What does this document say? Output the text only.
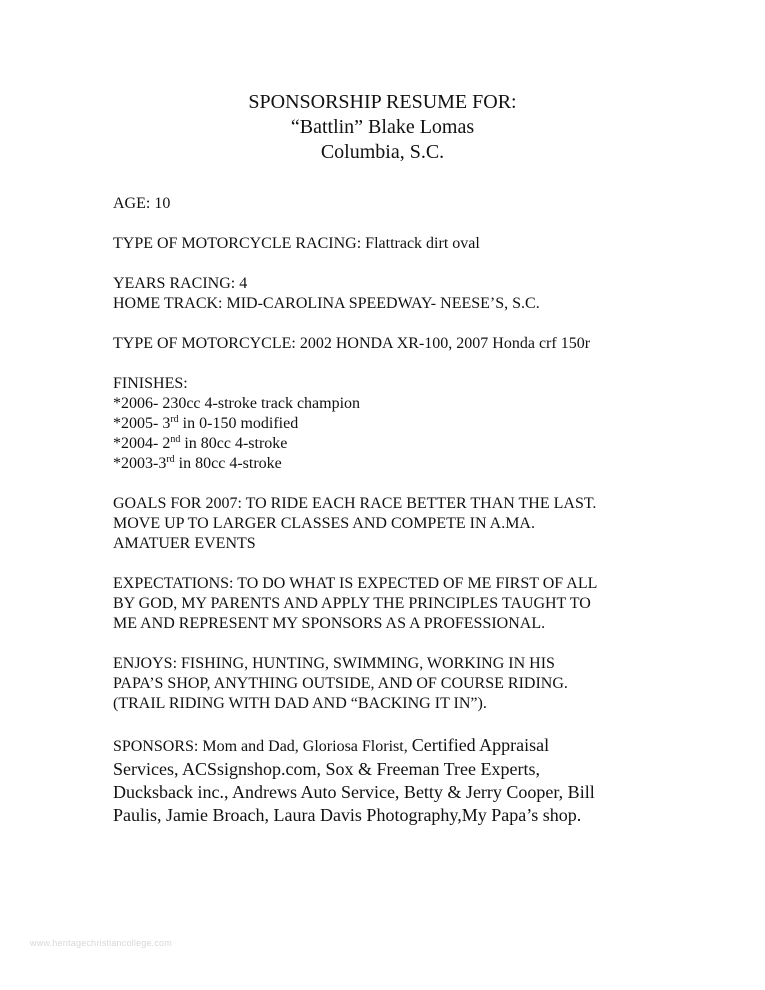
SPONSORSHIP RESUME FOR:
“Battlin” Blake Lomas
Columbia, S.C.
AGE: 10
TYPE OF MOTORCYCLE RACING: Flattrack dirt oval
YEARS RACING: 4
HOME TRACK: MID-CAROLINA SPEEDWAY- NEESE’S, S.C.
TYPE OF MOTORCYCLE: 2002 HONDA XR-100, 2007 Honda crf 150r
FINISHES:
*2006- 230cc 4-stroke track champion
*2005- 3rd in 0-150 modified
*2004- 2nd in 80cc 4-stroke
*2003-3rd in 80cc 4-stroke
GOALS FOR 2007: TO RIDE EACH RACE BETTER THAN THE LAST.
MOVE UP TO LARGER CLASSES AND COMPETE IN A.MA.
AMATUER EVENTS
EXPECTATIONS: TO DO WHAT IS EXPECTED OF ME FIRST OF ALL
BY GOD, MY PARENTS AND APPLY THE PRINCIPLES TAUGHT TO
ME AND REPRESENT MY SPONSORS AS A PROFESSIONAL.
ENJOYS: FISHING, HUNTING, SWIMMING, WORKING IN HIS
PAPA’S SHOP, ANYTHING OUTSIDE, AND OF COURSE RIDING.
(TRAIL RIDING WITH DAD AND “BACKING IT IN”).
SPONSORS: Mom and Dad, Gloriosa Florist, Certified Appraisal
Services, ACSsignshop.com, Sox & Freeman Tree Experts,
Ducksback inc., Andrews Auto Service, Betty & Jerry Cooper, Bill
Paulis, Jamie Broach, Laura Davis Photography,My Papa’s shop.
www.heritagechristiancollege.com
